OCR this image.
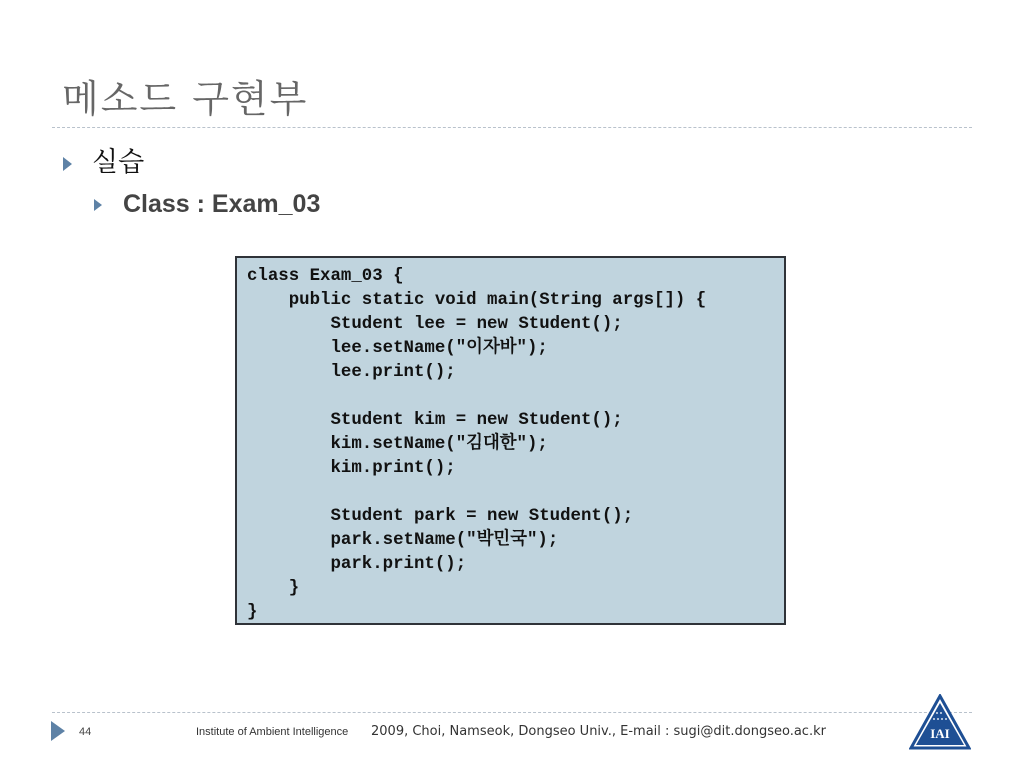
메소드 구현부
실습
Class : Exam_03
class Exam_03 {
public static void main(String args[]) {
Student lee = new Student();
lee.setName("이자바");
lee.print();
Student kim = new Student();
kim.setName("김대한");
kim.print();
Student park = new Student();
park.setName("박민국");
park.print();
}
}
44	Institute of Ambient Intelligence 2009, Choi, Namseok, Dongseo Univ., E-mail : sugi@dit.dongseo.ac.kr	IAI
